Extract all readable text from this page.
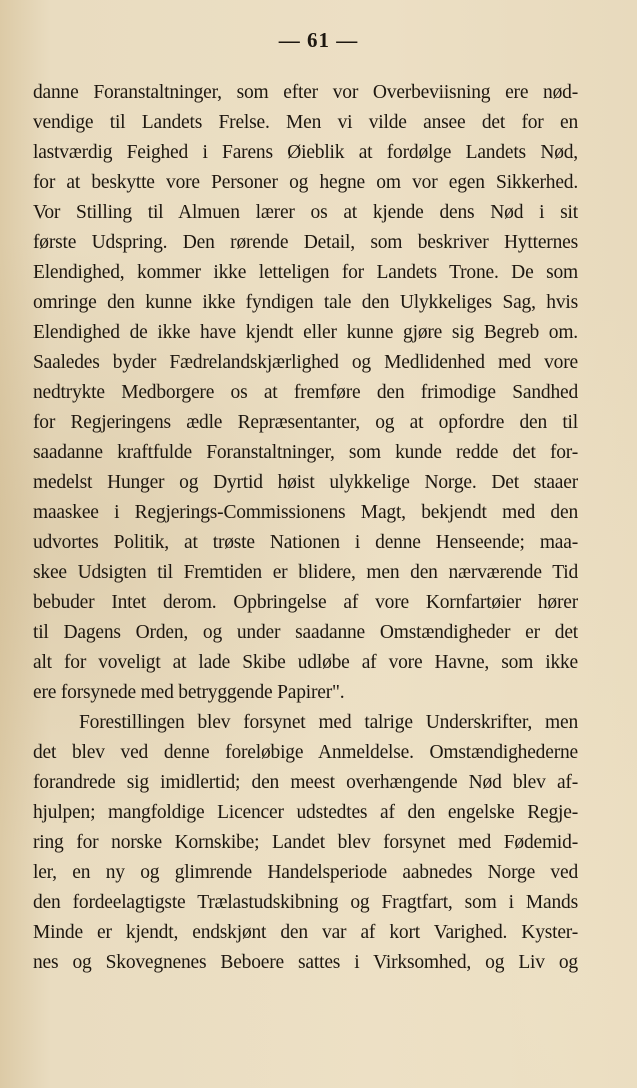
— 61 —
danne Foranstaltninger, som efter vor Overbeviisning ere nød-
vendige til Landets Frelse. Men vi vilde ansee det for en
lastværdig Feighed i Farens Øieblik at fordølge Landets Nød,
for at beskytte vore Personer og hegne om vor egen Sikkerhed.
Vor Stilling til Almuen lærer os at kjende dens Nød i sit
første Udspring. Den rørende Detail, som beskriver Hytternes
Elendighed, kommer ikke letteligen for Landets Trone. De som
omringe den kunne ikke fyndigen tale den Ulykkeliges Sag, hvis
Elendighed de ikke have kjendt eller kunne gjøre sig Begreb om.
Saaledes byder Fædrelandskjærlighed og Medlidenhed med vore
nedtrykte Medborgere os at fremføre den frimodige Sandhed
for Regjeringens ædle Repræsentanter, og at opfordre den til
saadanne kraftfulde Foranstaltninger, som kunde redde det for-
medelst Hunger og Dyrtid høist ulykkelige Norge. Det staaer
maaskee i Regjerings-Commissionens Magt, bekjendt med den
udvortes Politik, at trøste Nationen i denne Henseende; maa-
skee Udsigten til Fremtiden er blidere, men den nærværende Tid
bebuder Intet derom. Opbringelse af vore Kornfartøier hører
til Dagens Orden, og under saadanne Omstændigheder er det
alt for voveligt at lade Skibe udløbe af vore Havne, som ikke
ere forsynede med betryggende Papirer".
Forestillingen blev forsynet med talrige Underskrifter, men
det blev ved denne foreløbige Anmeldelse. Omstændighederne
forandrede sig imidlertid; den meest overhængende Nød blev af-
hjulpen; mangfoldige Licencer udstedtes af den engelske Regje-
ring for norske Kornskibe; Landet blev forsynet med Fødemid-
ler, en ny og glimrende Handelsperiode aabnedes Norge ved
den fordeelagtigste Trælastudskibning og Fragtfart, som i Mands
Minde er kjendt, endskjønt den var af kort Varighed. Kyster-
nes og Skovegnenes Beboere sattes i Virksomhed, og Liv og
